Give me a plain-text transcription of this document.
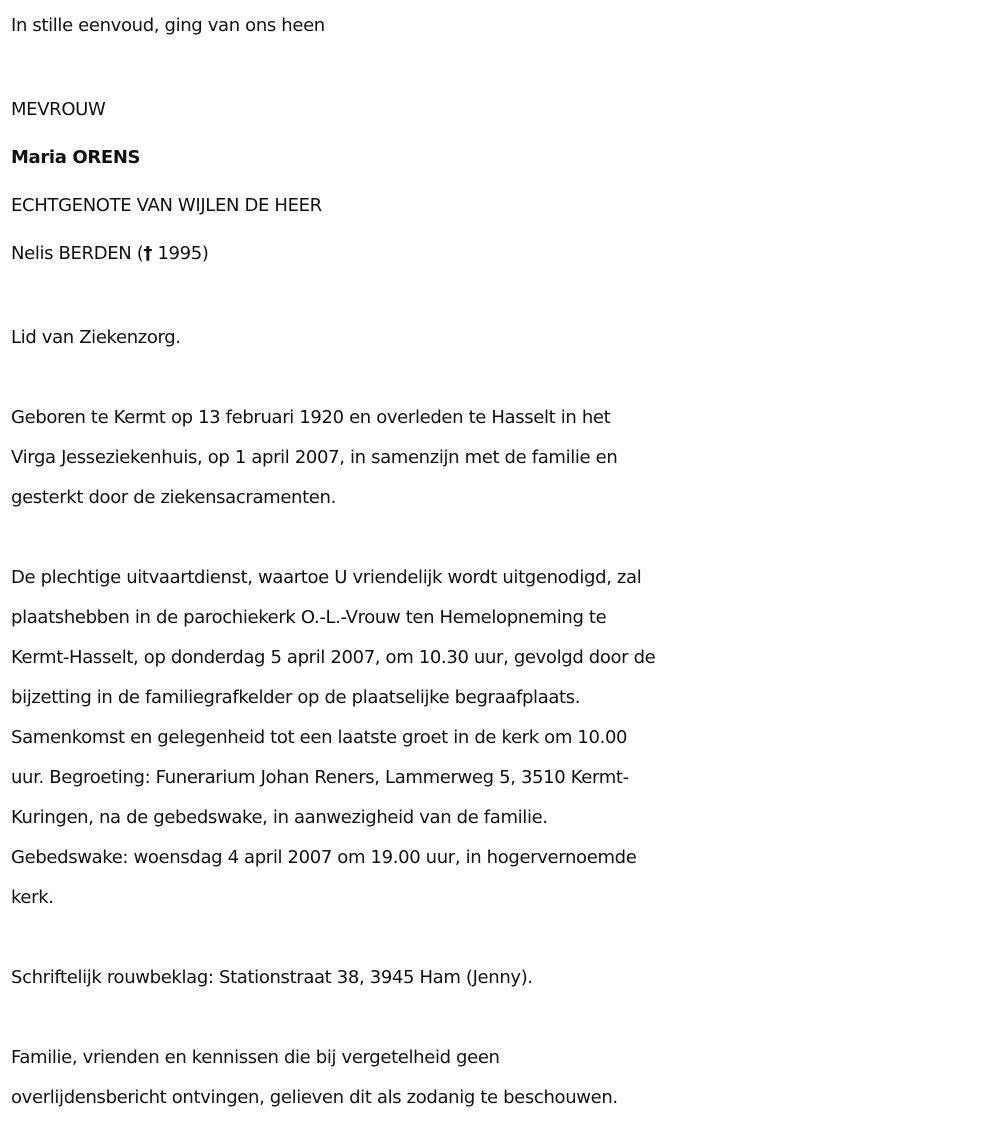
In stille eenvoud, ging van ons heen
MEVROUW
Maria ORENS
ECHTGENOTE VAN WIJLEN DE HEER
Nelis BERDEN († 1995)
Lid van Ziekenzorg.
Geboren te Kermt op 13 februari 1920 en overleden te Hasselt in het
Virga Jesseziekenhuis, op 1 april 2007, in samenzijn met de familie en
gesterkt door de ziekensacramenten.
De plechtige uitvaartdienst, waartoe U vriendelijk wordt uitgenodigd, zal
plaatshebben in de parochiekerk O.-L.-Vrouw ten Hemelopneming te
Kermt-Hasselt, op donderdag 5 april 2007, om 10.30 uur, gevolgd door de
bijzetting in de familiegrafkelder op de plaatselijke begraafplaats.
Samenkomst en gelegenheid tot een laatste groet in de kerk om 10.00
uur. Begroeting: Funerarium Johan Reners, Lammerweg 5, 3510 Kermt-
Kuringen, na de gebedswake, in aanwezigheid van de familie.
Gebedswake: woensdag 4 april 2007 om 19.00 uur, in hogervernoemde
kerk.
Schriftelijk rouwbeklag: Stationstraat 38, 3945 Ham (Jenny).
Familie, vrienden en kennissen die bij vergetelheid geen
overlijdensbericht ontvingen, gelieven dit als zodanig te beschouwen.
